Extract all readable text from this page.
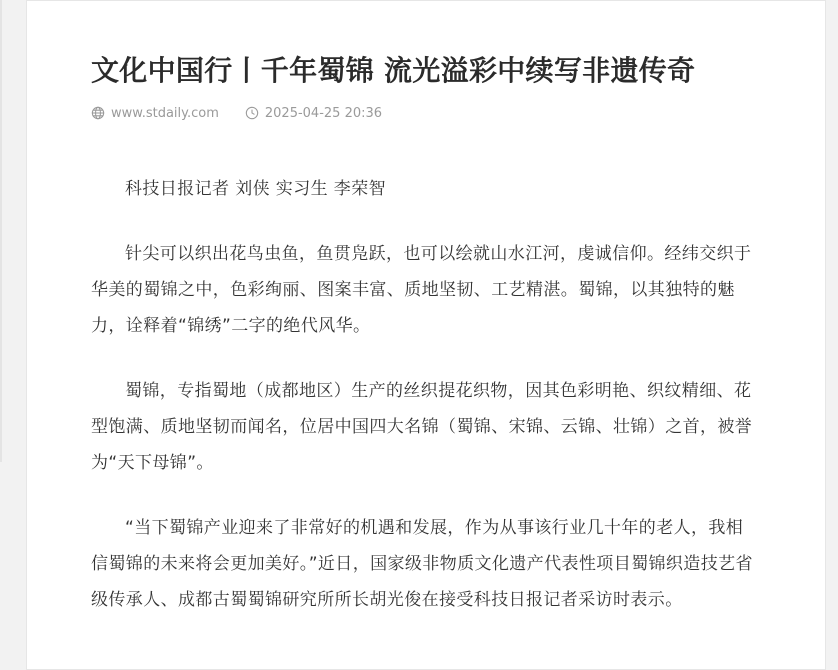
文化中国行丨千年蜀锦 流光溢彩中续写非遗传奇
www.stdaily.com	2025-04-25 20:36

科技日报记者 刘侠 实习生 李荣智

针尖可以织出花鸟虫鱼，鱼贯凫跃，也可以绘就山水江河，虔诚信仰。经纬交织于华美的蜀锦之中，色彩绚丽、图案丰富、质地坚韧、工艺精湛。蜀锦，以其独特的魅力，诠释着“锦绣”二字的绝代风华。

蜀锦，专指蜀地（成都地区）生产的丝织提花织物，因其色彩明艳、织纹精细、花型饱满、质地坚韧而闻名，位居中国四大名锦（蜀锦、宋锦、云锦、壮锦）之首，被誉为“天下母锦”。

“当下蜀锦产业迎来了非常好的机遇和发展，作为从事该行业几十年的老人，我相信蜀锦的未来将会更加美好。”近日，国家级非物质文化遗产代表性项目蜀锦织造技艺省级传承人、成都古蜀蜀锦研究所所长胡光俊在接受科技日报记者采访时表示。
